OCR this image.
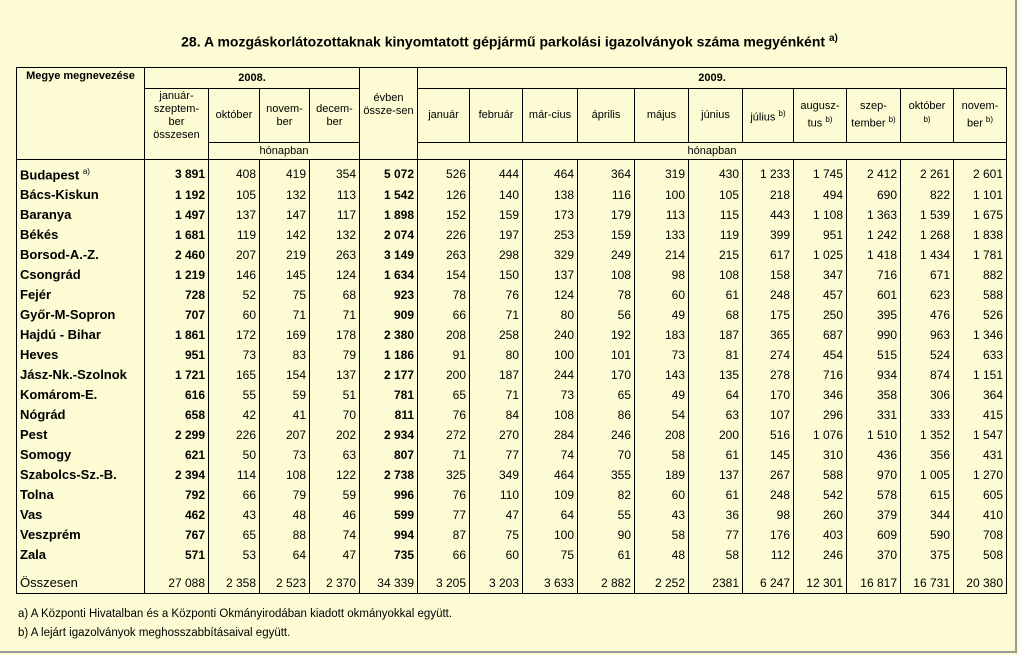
28. A mozgáskorlátozottaknak kinyomtatott gépjármű parkolási igazolványok száma megyénként $^{a)}$
Megye megnevezése	2008.				évben össze-sen	2009.										
	január-szeptem-ber összesen	október	novem-ber	decem-ber		január	február	már-cius	április	május	június	július $^{b)}$	augusz-tus $^{b)}$	szep-tember $^{b)}$	október $^{b)}$	novem-ber $^{b)}$
		hónapban				hónapban										
Budapest $^{a)}$	3 891	408	419	354	5 072	526	444	464	364	319	430	1 233	1 745	2 412	2 261	2 601
Bács-Kiskun	1 192	105	132	113	1 542	126	140	138	116	100	105	218	494	690	822	1 101
Baranya	1 497	137	147	117	1 898	152	159	173	179	113	115	443	1 108	1 363	1 539	1 675
Békés	1 681	119	142	132	2 074	226	197	253	159	133	119	399	951	1 242	1 268	1 838
Borsod-A.-Z.	2 460	207	219	263	3 149	263	298	329	249	214	215	617	1 025	1 418	1 434	1 781
Csongrád	1 219	146	145	124	1 634	154	150	137	108	98	108	158	347	716	671	882
Fejér	728	52	75	68	923	78	76	124	78	60	61	248	457	601	623	588
Győr-M-Sopron	707	60	71	71	909	66	71	80	56	49	68	175	250	395	476	526
Hajdú - Bihar	1 861	172	169	178	2 380	208	258	240	192	183	187	365	687	990	963	1 346
Heves	951	73	83	79	1 186	91	80	100	101	73	81	274	454	515	524	633
Jász-Nk.-Szolnok	1 721	165	154	137	2 177	200	187	244	170	143	135	278	716	934	874	1 151
Komárom-E.	616	55	59	51	781	65	71	73	65	49	64	170	346	358	306	364
Nógrád	658	42	41	70	811	76	84	108	86	54	63	107	296	331	333	415
Pest	2 299	226	207	202	2 934	272	270	284	246	208	200	516	1 076	1 510	1 352	1 547
Somogy	621	50	73	63	807	71	77	74	70	58	61	145	310	436	356	431
Szabolcs-Sz.-B.	2 394	114	108	122	2 738	325	349	464	355	189	137	267	588	970	1 005	1 270
Tolna	792	66	79	59	996	76	110	109	82	60	61	248	542	578	615	605
Vas	462	43	48	46	599	77	47	64	55	43	36	98	260	379	344	410
Veszprém	767	65	88	74	994	87	75	100	90	58	77	176	403	609	590	708
Zala	571	53	64	47	735	66	60	75	61	48	58	112	246	370	375	508

Összesen	27 088	2 358	2 523	2 370	34 339	3 205	3 203	3 633	2 882	2 252	2381	6 247	12 301	16 817	16 731	20 380
a) A Központi Hivatalban és a Központi Okmányirodában kiadott okmányokkal együtt.
b) A lejárt igazolványok meghosszabbításaival együtt.
